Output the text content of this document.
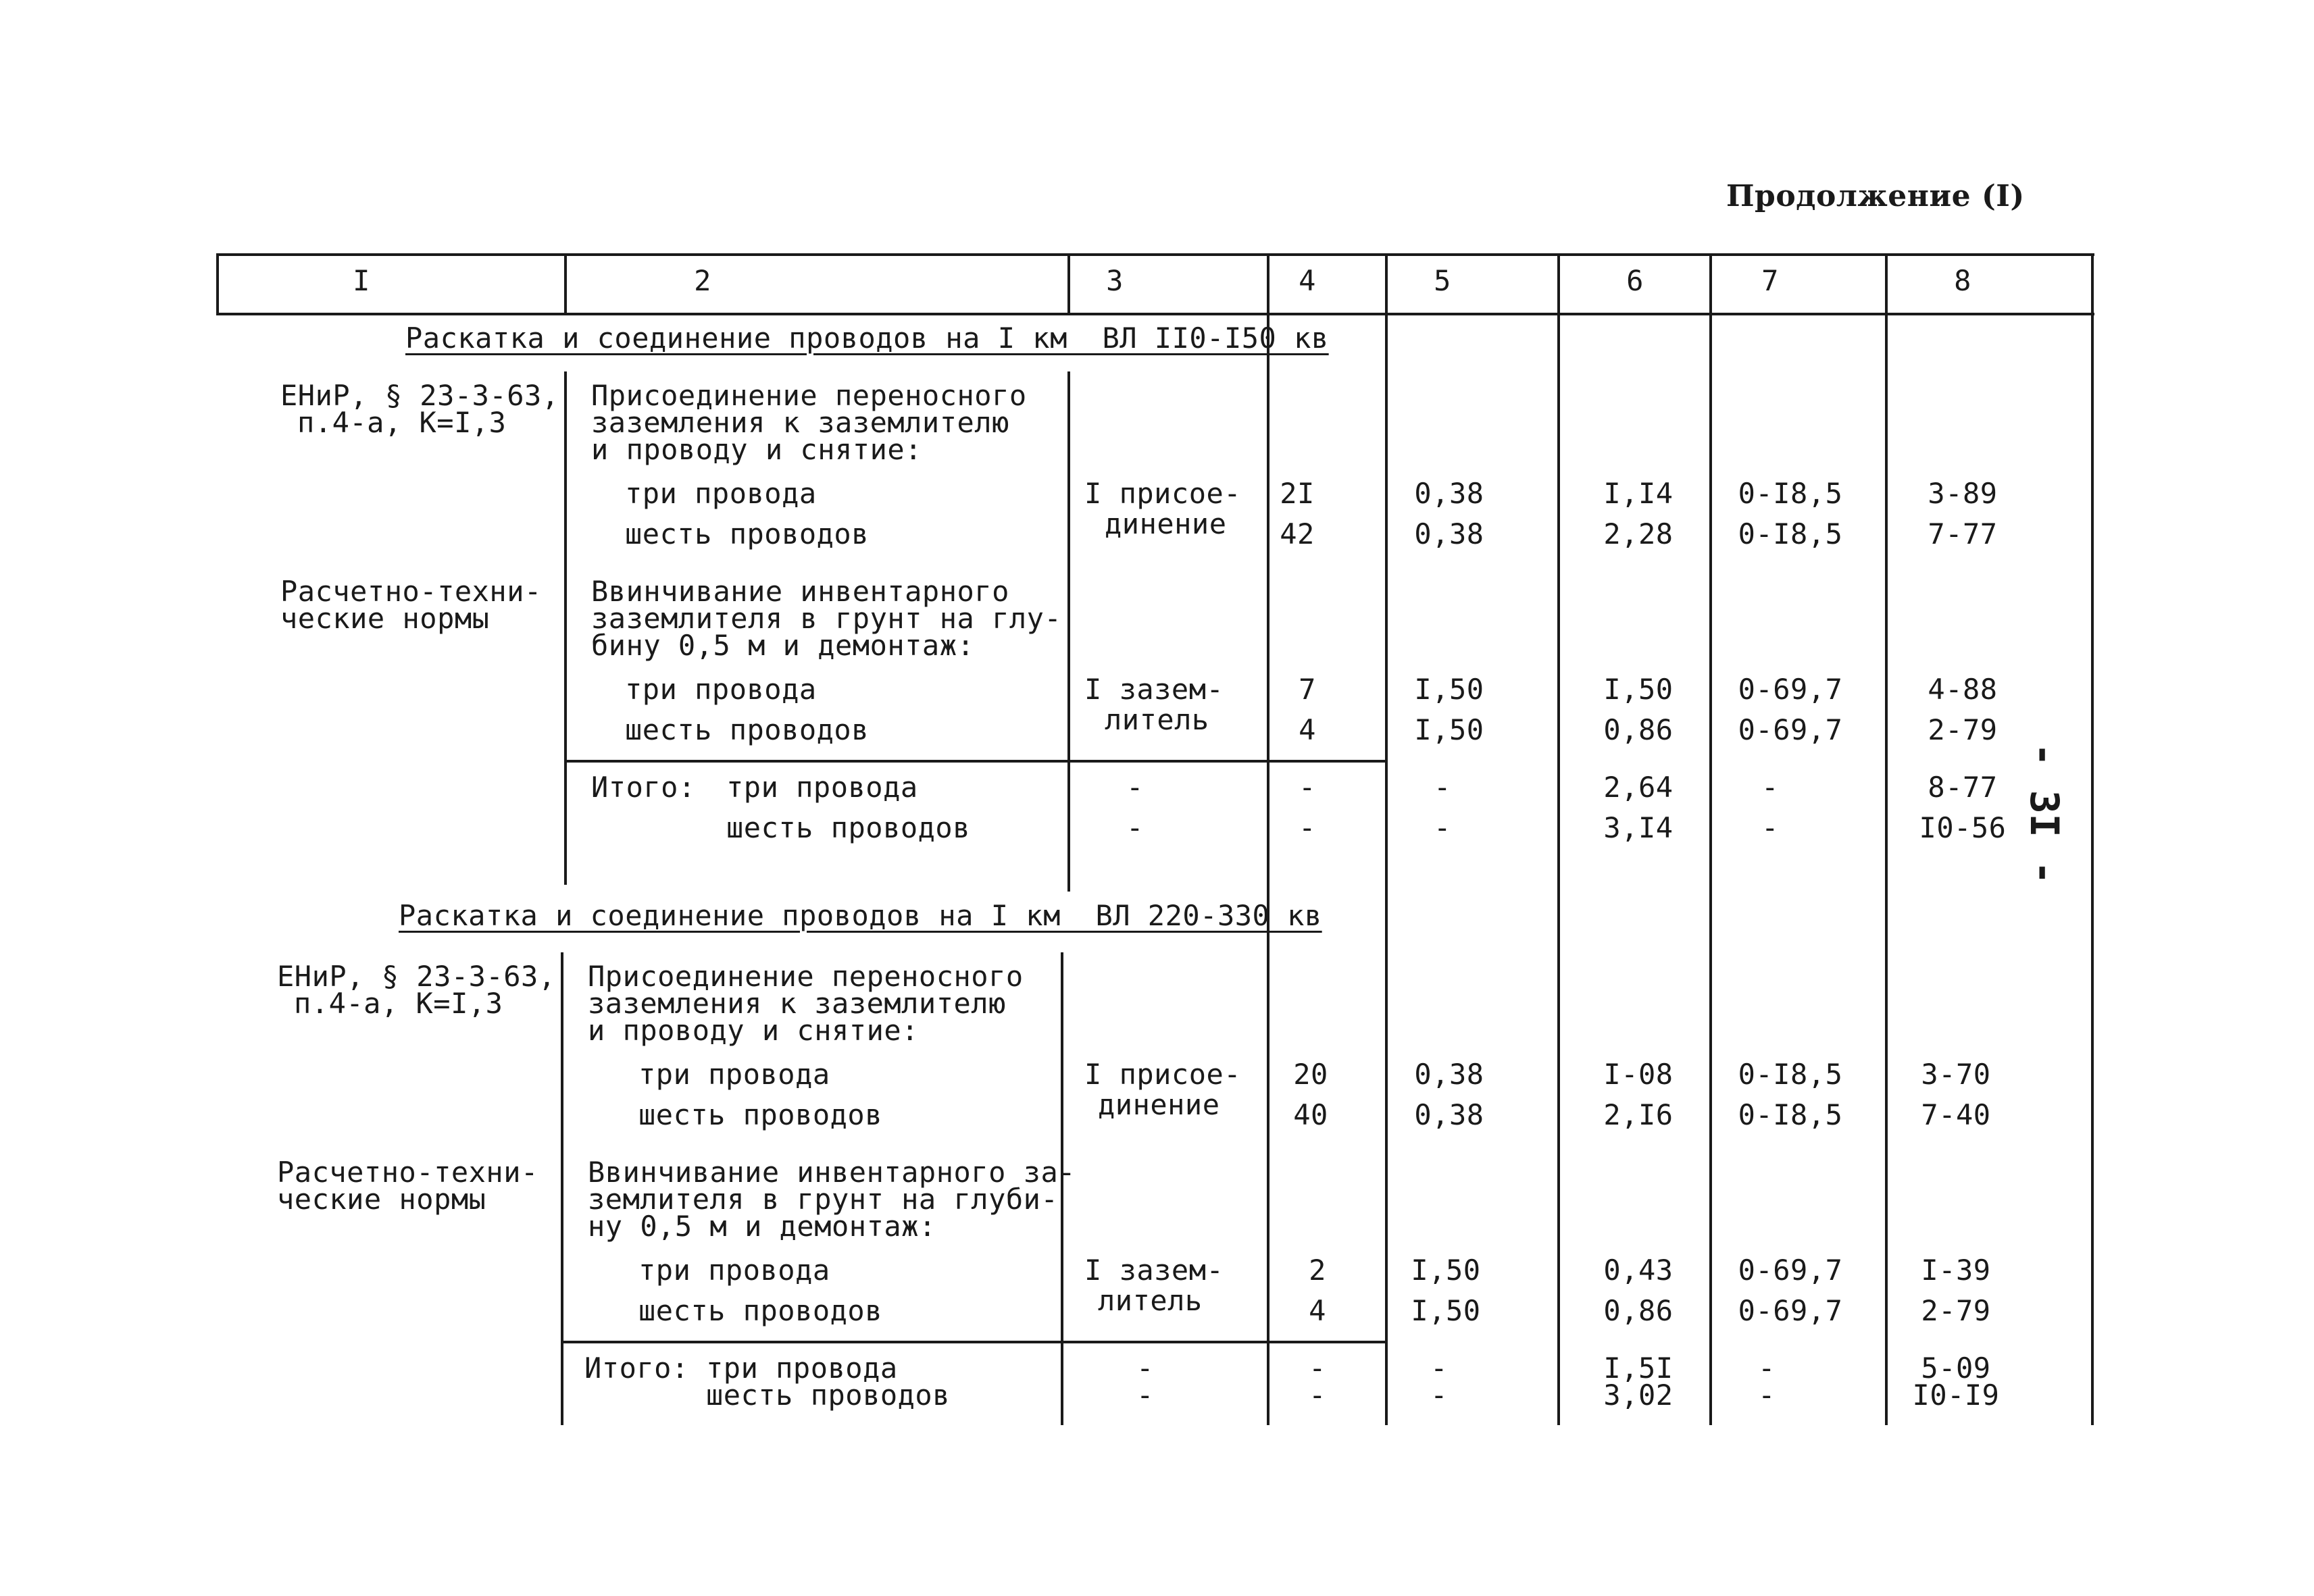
Продолжение (I)
I	2	3	4	5	6	7	8
Раскатка и соединение проводов на I км  ВЛ II0-I50 кв
ЕНиР, § 23-3-63,
п.4-а, К=I,3
Присоединение переносного
заземления к заземлителю
и проводу и снятие:
I присое-
динение
три провода	2I	0,38	I,I4 0-I8,5	3-89
шесть проводов	42	0,38	2,28 0-I8,5	7-77
Расчетно-техни-
ческие нормы
Ввинчивание инвентарного
заземлителя в грунт на глу-
бину 0,5 м и демонтаж:
I зазем-
литель
три провода	7	I,50	I,50 0-69,7	4-88
шесть проводов	4	I,50	0,86 0-69,7	2-79
Итого: три провода	-	-	-	2,64	-	8-77
шесть проводов	-	-	-	3,I4	-	I0-56
Раскатка и соединение проводов на I км  ВЛ 220-330 кв
ЕНиР, § 23-3-63,
п.4-а, К=I,3
Присоединение переносного
заземления к заземлителю
и проводу и снятие:
I присое-
динение
три провода	20	0,38	I-08 0-I8,5	3-70
шесть проводов	40	0,38	2,I6 0-I8,5	7-40
Расчетно-техни-
ческие нормы
Ввинчивание инвентарного за-
землителя в грунт на глуби-
ну 0,5 м и демонтаж:
I зазем-
литель
три провода	2	I,50	0,43 0-69,7	I-39
шесть проводов	4	I,50	0,86 0-69,7	2-79
Итого: три провода	-	-	-	I,5I	-	5-09
шесть проводов	-	-	-	3,02	-	I0-I9
- 3I -
